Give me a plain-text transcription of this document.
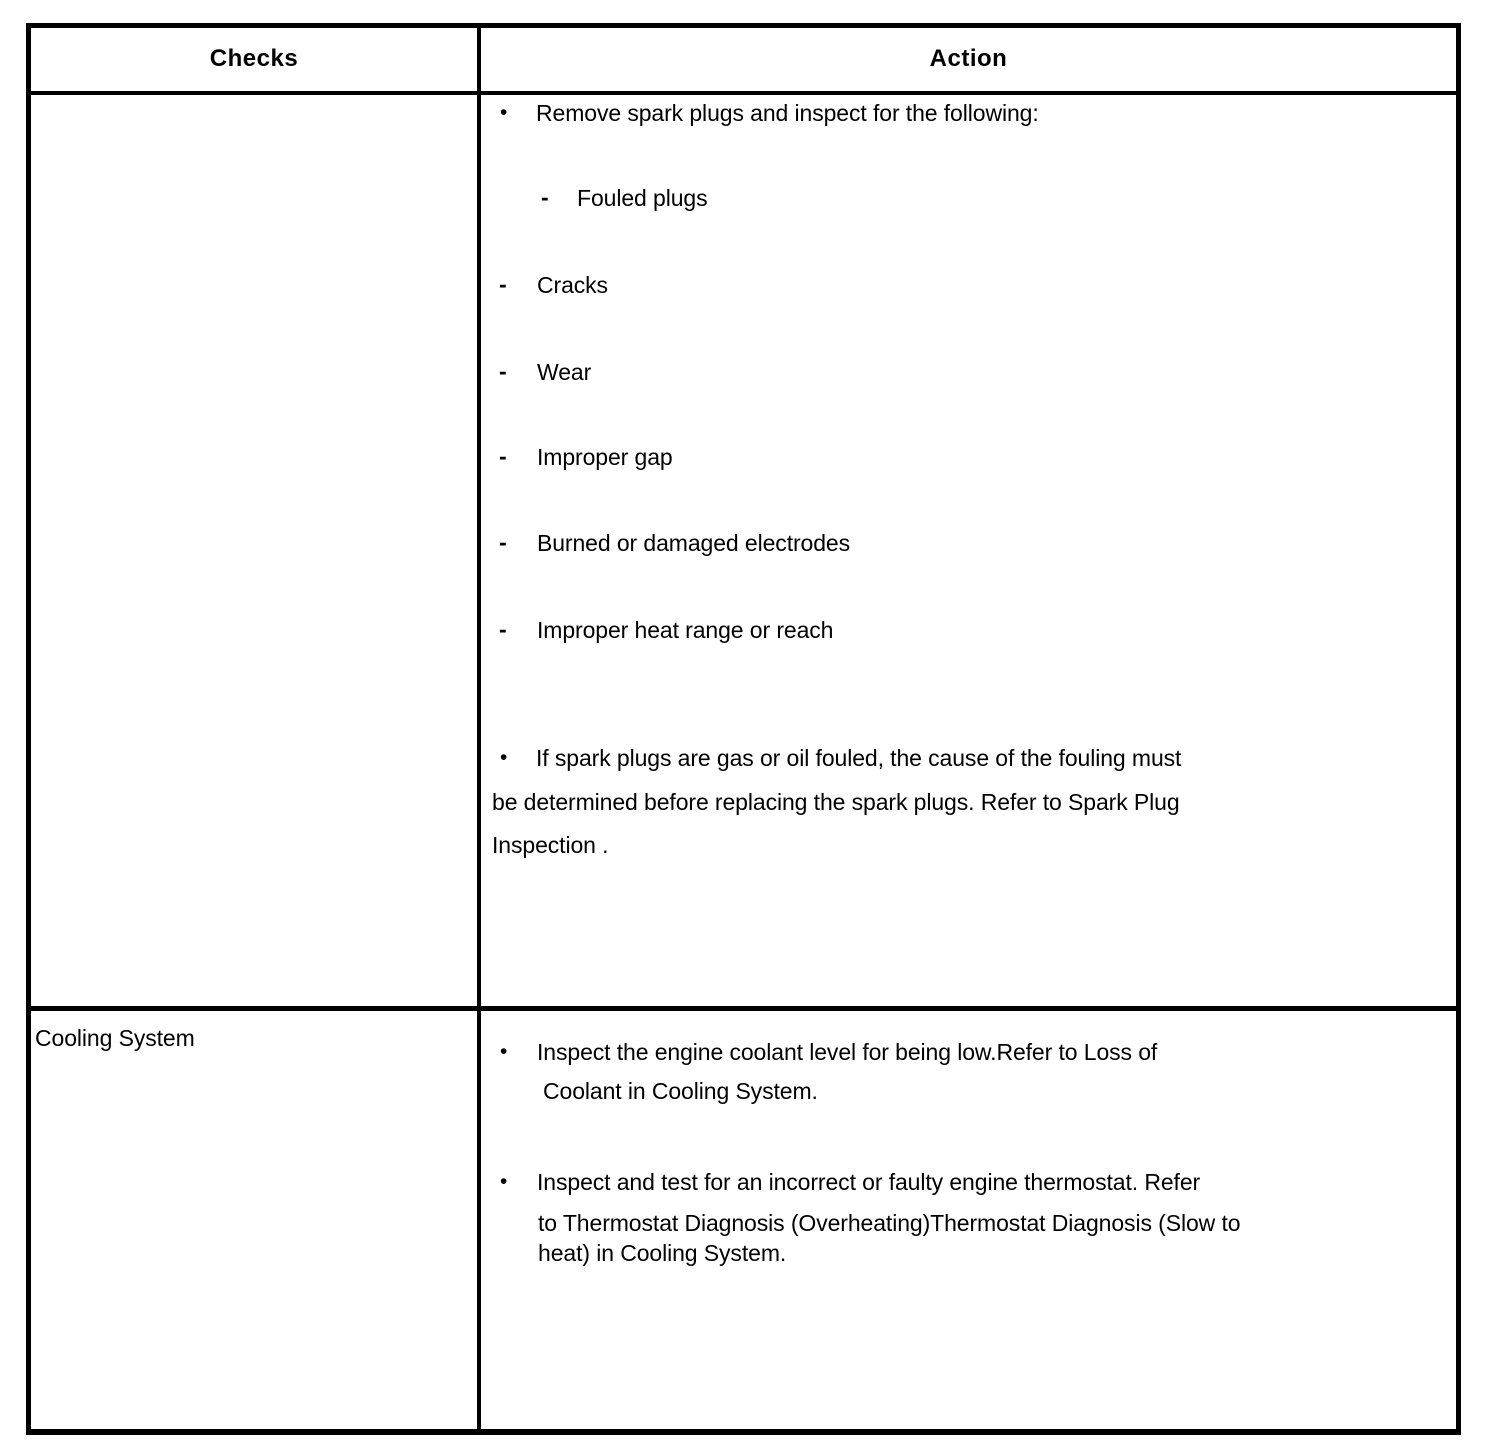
Checks	Action
• Remove spark plugs and inspect for the following:
- Fouled plugs
- Cracks
- Wear
- Improper gap
- Burned or damaged electrodes
- Improper heat range or reach
• If spark plugs are gas or oil fouled, the cause of the fouling must
be determined before replacing the spark plugs. Refer to Spark Plug
Inspection .
Cooling System
• Inspect the engine coolant level for being low.Refer to Loss of
Coolant in Cooling System.
• Inspect and test for an incorrect or faulty engine thermostat. Refer
to Thermostat Diagnosis (Overheating)Thermostat Diagnosis (Slow to
heat) in Cooling System.
